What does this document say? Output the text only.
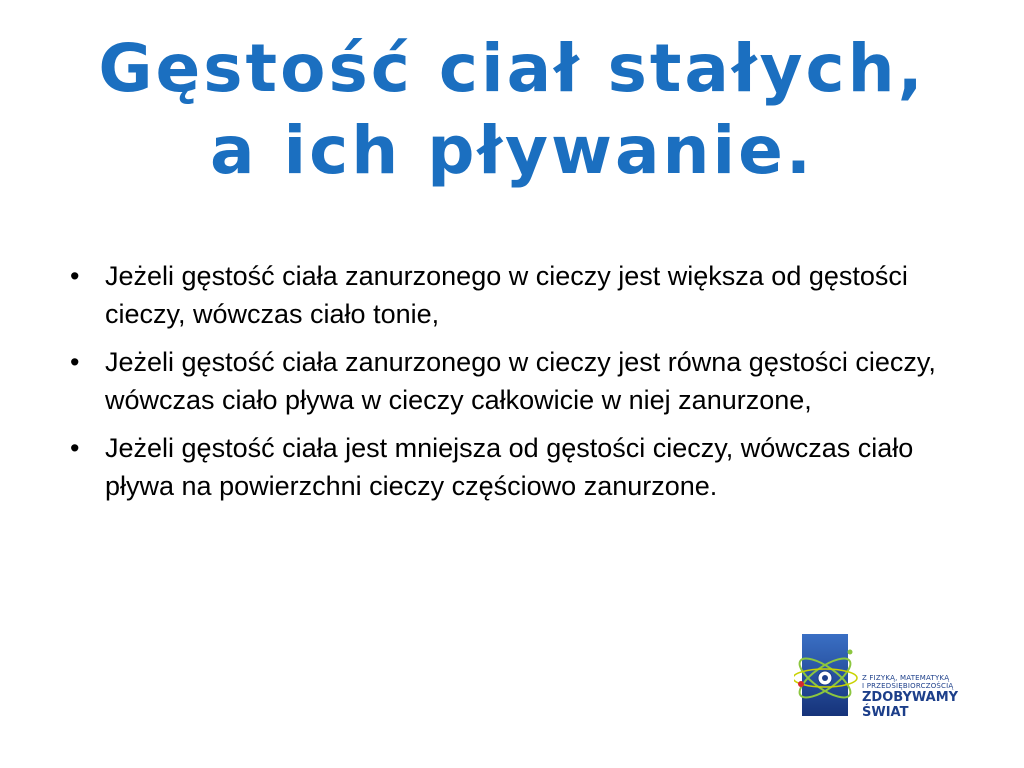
Gęstość ciał stałych,
a ich pływanie.
• Jeżeli gęstość ciała zanurzonego w cieczy jest większa od gęstości cieczy, wówczas ciało tonie,
• Jeżeli gęstość ciała zanurzonego w cieczy jest równa gęstości cieczy, wówczas ciało pływa w cieczy całkowicie w niej zanurzone,
• Jeżeli gęstość ciała jest mniejsza od gęstości cieczy, wówczas ciało pływa na powierzchni cieczy częściowo zanurzone.
Z FIZYKĄ, MATEMATYKĄ
I PRZEDSIĘBIORCZOŚCIĄ
ZDOBYWAMY
ŚWIAT
